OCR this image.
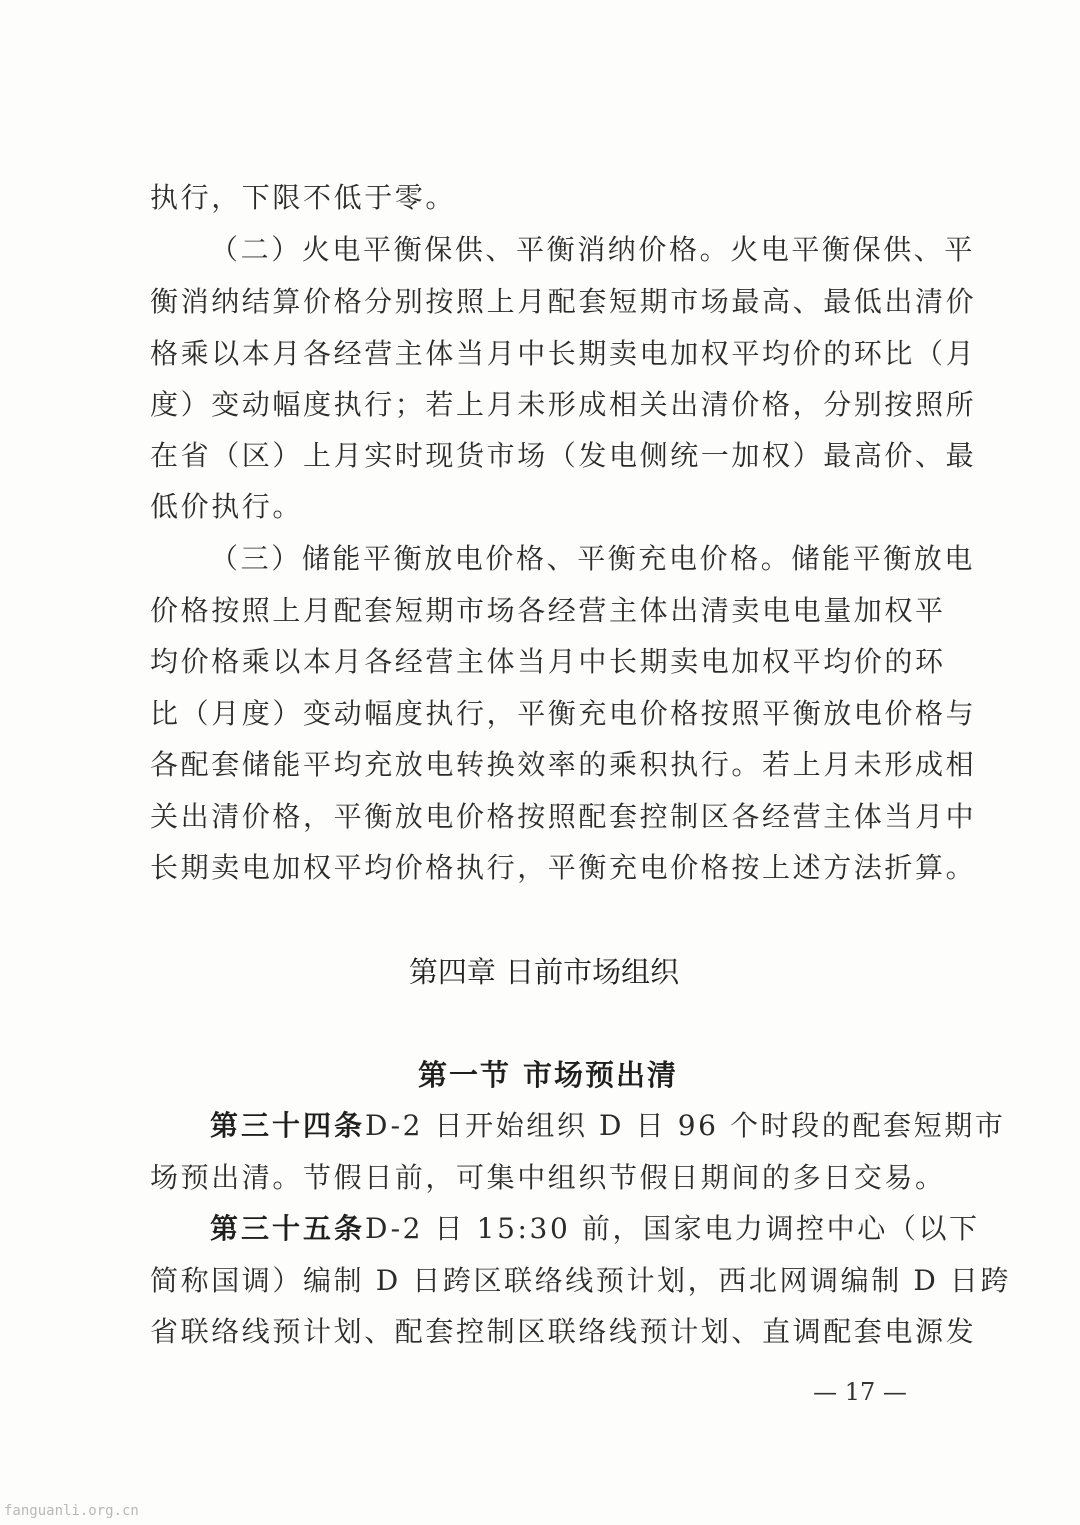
执行，下限不低于零。
（二）火电平衡保供、平衡消纳价格。火电平衡保供、平
衡消纳结算价格分别按照上月配套短期市场最高、最低出清价
格乘以本月各经营主体当月中长期卖电加权平均价的环比（月
度）变动幅度执行；若上月未形成相关出清价格，分别按照所
在省（区）上月实时现货市场（发电侧统一加权）最高价、最
低价执行。
（三）储能平衡放电价格、平衡充电价格。储能平衡放电
价格按照上月配套短期市场各经营主体出清卖电电量加权平
均价格乘以本月各经营主体当月中长期卖电加权平均价的环
比（月度）变动幅度执行，平衡充电价格按照平衡放电价格与
各配套储能平均充放电转换效率的乘积执行。若上月未形成相
关出清价格，平衡放电价格按照配套控制区各经营主体当月中
长期卖电加权平均价格执行，平衡充电价格按上述方法折算。
第四章 日前市场组织
第一节 市场预出清
第三十四条D-2 日开始组织 D 日 96 个时段的配套短期市
场预出清。节假日前，可集中组织节假日期间的多日交易。
第三十五条D-2 日 15:30 前，国家电力调控中心（以下
简称国调）编制 D 日跨区联络线预计划，西北网调编制 D 日跨
省联络线预计划、配套控制区联络线预计划、直调配套电源发
— 17 —
fanguanli.org.cn
